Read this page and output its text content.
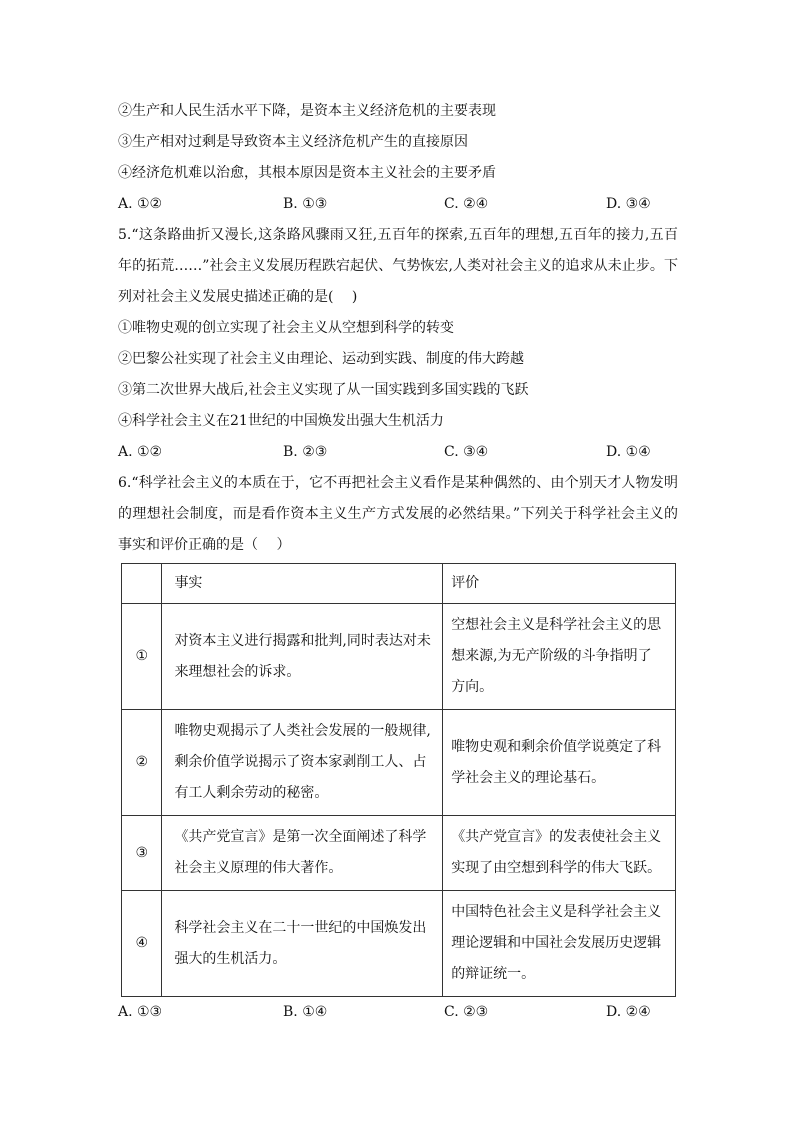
②生产和人民生活水平下降，是资本主义经济危机的主要表现
③生产相对过剩是导致资本主义经济危机产生的直接原因
④经济危机难以治愈，其根本原因是资本主义社会的主要矛盾
A. ①②	B. ①③	C. ②④	D. ③④
5.“这条路曲折又漫长,这条路风骤雨又狂,五百年的探索,五百年的理想,五百年的接力,五百年的拓荒……”社会主义发展历程跌宕起伏、气势恢宏,人类对社会主义的追求从未止步。下列对社会主义发展史描述正确的是(　 )
①唯物史观的创立实现了社会主义从空想到科学的转变
②巴黎公社实现了社会主义由理论、运动到实践、制度的伟大跨越
③第二次世界大战后,社会主义实现了从一国实践到多国实践的飞跃
④科学社会主义在21世纪的中国焕发出强大生机活力
A. ①②	B. ②③	C. ③④	D. ①④
6.“科学社会主义的本质在于，它不再把社会主义看作是某种偶然的、由个别天才人物发明的理想社会制度，而是看作资本主义生产方式发展的必然结果。”下列关于科学社会主义的事实和评价正确的是（　 ）
	事实	评价
①	对资本主义进行揭露和批判,同时表达对未来理想社会的诉求。	空想社会主义是科学社会主义的思想来源,为无产阶级的斗争指明了方向。
②	唯物史观揭示了人类社会发展的一般规律,剩余价值学说揭示了资本家剥削工人、占有工人剩余劳动的秘密。	唯物史观和剩余价值学说奠定了科学社会主义的理论基石。
③	《共产党宣言》是第一次全面阐述了科学社会主义原理的伟大著作。	《共产党宣言》的发表使社会主义实现了由空想到科学的伟大飞跃。
④	科学社会主义在二十一世纪的中国焕发出强大的生机活力。	中国特色社会主义是科学社会主义理论逻辑和中国社会发展历史逻辑的辩证统一。
A. ①③	B. ①④	C. ②③	D. ②④
